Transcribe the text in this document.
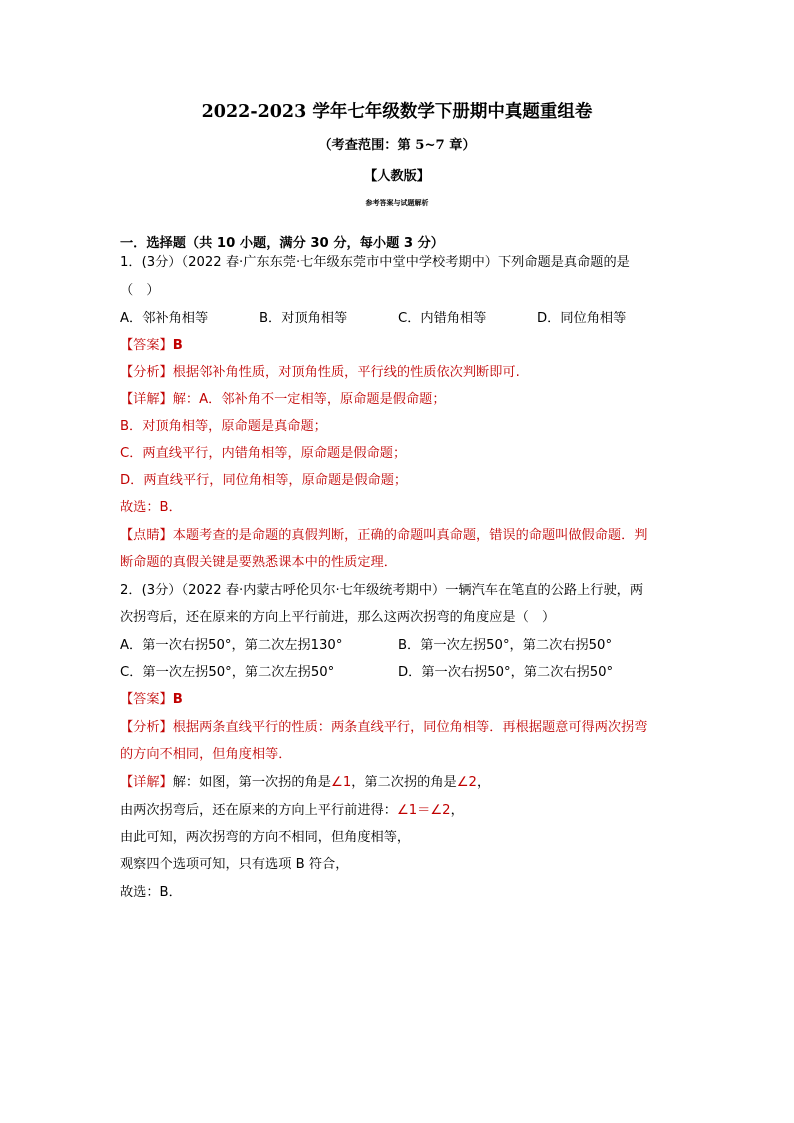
2022-2023 学年七年级数学下册期中真题重组卷
（考查范围：第 5~7 章）
【人教版】
参考答案与试题解析
一．选择题（共 10 小题，满分 30 分，每小题 3 分）
1．(3分）（2022 春·广东东莞·七年级东莞市中堂中学校考期中）下列命题是真命题的是
（　）
A．邻补角相等	B．对顶角相等	C．内错角相等	D．同位角相等
【答案】B
【分析】根据邻补角性质，对顶角性质，平行线的性质依次判断即可.
【详解】解：A．邻补角不一定相等，原命题是假命题；
B．对顶角相等，原命题是真命题；
C．两直线平行，内错角相等，原命题是假命题；
D．两直线平行，同位角相等，原命题是假命题；
故选：B．
【点睛】本题考查的是命题的真假判断，正确的命题叫真命题，错误的命题叫做假命题．判
断命题的真假关键是要熟悉课本中的性质定理．
2．(3分）（2022 春·内蒙古呼伦贝尔·七年级统考期中）一辆汽车在笔直的公路上行驶，两
次拐弯后，还在原来的方向上平行前进，那么这两次拐弯的角度应是（　）
A．第一次右拐50°，第二次左拐130°	B．第一次左拐50°，第二次右拐50°
C．第一次左拐50°，第二次左拐50°	D．第一次右拐50°，第二次右拐50°
【答案】B
【分析】根据两条直线平行的性质：两条直线平行，同位角相等．再根据题意可得两次拐弯
的方向不相同，但角度相等．
【详解】解：如图，第一次拐的角是∠1，第二次拐的角是∠2，
由两次拐弯后，还在原来的方向上平行前进得：∠1＝∠2，
由此可知，两次拐弯的方向不相同，但角度相等，
观察四个选项可知，只有选项 B 符合，
故选：B．
